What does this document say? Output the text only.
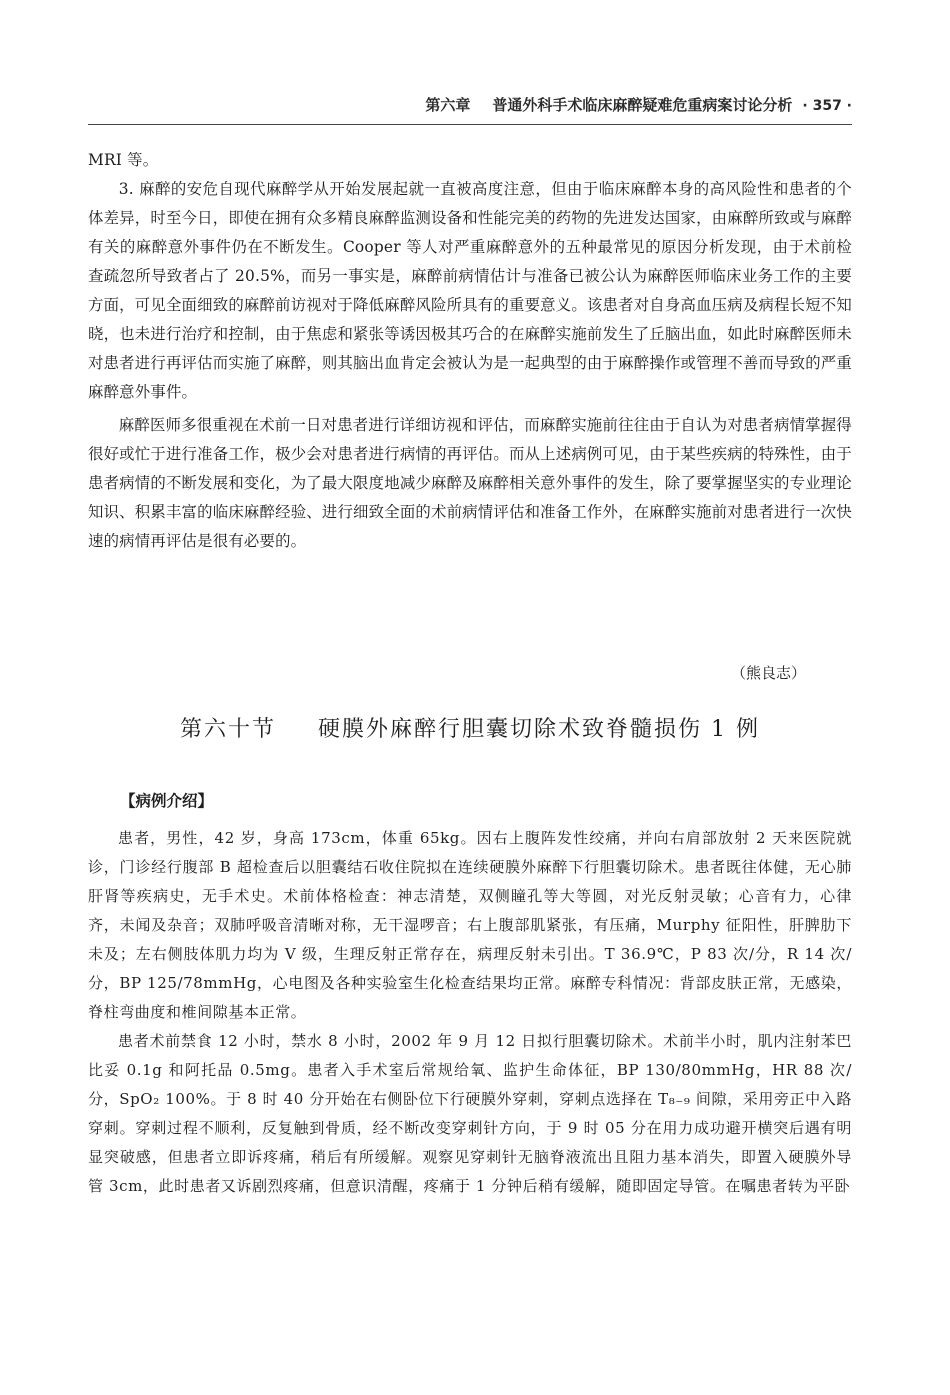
第六章 普通外科手术临床麻醉疑难危重病案讨论分析 · 357 ·

MRI 等。

3. 麻醉的安危自现代麻醉学从开始发展起就一直被高度注意，但由于临床麻醉本身的高风险性和患者的个体差异，时至今日，即使在拥有众多精良麻醉监测设备和性能完美的药物的先进发达国家，由麻醉所致或与麻醉有关的麻醉意外事件仍在不断发生。Cooper 等人对严重麻醉意外的五种最常见的原因分析发现，由于术前检查疏忽所导致者占了 20.5%，而另一事实是，麻醉前病情估计与准备已被公认为麻醉医师临床业务工作的主要方面，可见全面细致的麻醉前访视对于降低麻醉风险所具有的重要意义。该患者对自身高血压病及病程长短不知晓，也未进行治疗和控制，由于焦虑和紧张等诱因极其巧合的在麻醉实施前发生了丘脑出血，如此时麻醉医师未对患者进行再评估而实施了麻醉，则其脑出血肯定会被认为是一起典型的由于麻醉操作或管理不善而导致的严重麻醉意外事件。

麻醉医师多很重视在术前一日对患者进行详细访视和评估，而麻醉实施前往往由于自认为对患者病情掌握得很好或忙于进行准备工作，极少会对患者进行病情的再评估。而从上述病例可见，由于某些疾病的特殊性，由于患者病情的不断发展和变化，为了最大限度地减少麻醉及麻醉相关意外事件的发生，除了要掌握坚实的专业理论知识、积累丰富的临床麻醉经验、进行细致全面的术前病情评估和准备工作外，在麻醉实施前对患者进行一次快速的病情再评估是很有必要的。

（熊良志）
第六十节 硬膜外麻醉行胆囊切除术致脊髓损伤 1 例
【病例介绍】

患者，男性，42 岁，身高 173cm，体重 65kg。因右上腹阵发性绞痛，并向右肩部放射 2 天来医院就诊，门诊经行腹部 B 超检查后以胆囊结石收住院拟在连续硬膜外麻醉下行胆囊切除术。患者既往体健，无心肺肝肾等疾病史，无手术史。术前体格检查：神志清楚，双侧瞳孔等大等圆，对光反射灵敏；心音有力，心律齐，未闻及杂音；双肺呼吸音清晰对称，无干湿啰音；右上腹部肌紧张，有压痛，Murphy 征阳性，肝脾肋下未及；左右侧肢体肌力均为 V 级，生理反射正常存在，病理反射未引出。T 36.9℃，P 83 次/分，R 14 次/分，BP 125/78mmHg，心电图及各种实验室生化检查结果均正常。麻醉专科情况：背部皮肤正常，无感染，脊柱弯曲度和椎间隙基本正常。

患者术前禁食 12 小时，禁水 8 小时，2002 年 9 月 12 日拟行胆囊切除术。术前半小时，肌内注射苯巴比妥 0.1g 和阿托品 0.5mg。患者入手术室后常规给氧、监护生命体征，BP 130/80mmHg，HR 88 次/分，SpO₂ 100%。于 8 时 40 分开始在右侧卧位下行硬膜外穿刺，穿刺点选择在 T₈₋₉ 间隙，采用旁正中入路穿刺。穿刺过程不顺利，反复触到骨质，经不断改变穿刺针方向，于 9 时 05 分在用力成功避开横突后遇有明显突破感，但患者立即诉疼痛，稍后有所缓解。观察见穿刺针无脑脊液流出且阻力基本消失，即置入硬膜外导管 3cm，此时患者又诉剧烈疼痛，但意识清醒，疼痛于 1 分钟后稍有缓解，随即固定导管。在嘱患者转为平卧
